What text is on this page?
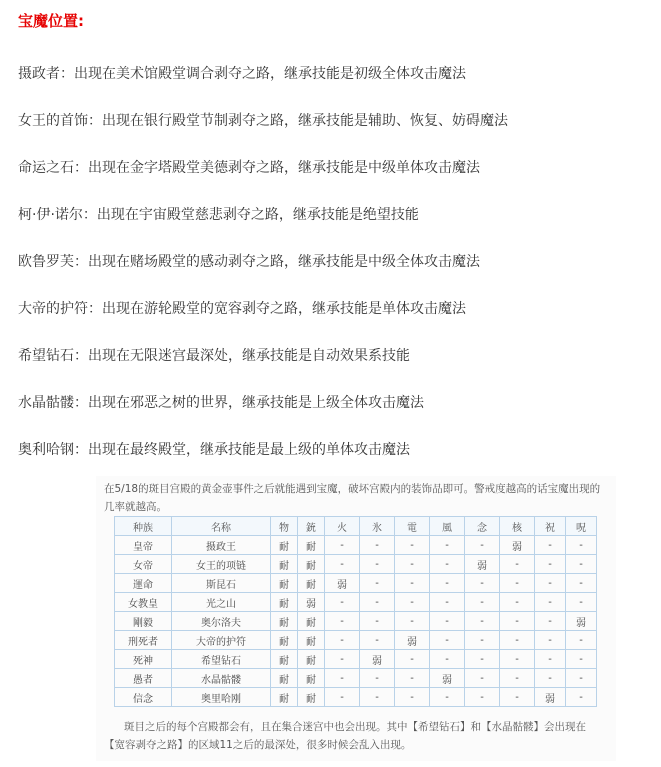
宝魔位置:
摄政者：出现在美术馆殿堂调合剥夺之路，继承技能是初级全体攻击魔法
女王的首饰：出现在银行殿堂节制剥夺之路，继承技能是辅助、恢复、妨碍魔法
命运之石：出现在金字塔殿堂美德剥夺之路，继承技能是中级单体攻击魔法
柯·伊·诺尔：出现在宇宙殿堂慈悲剥夺之路，继承技能是绝望技能
欧鲁罗芙：出现在赌场殿堂的感动剥夺之路，继承技能是中级全体攻击魔法
大帝的护符：出现在游轮殿堂的宽容剥夺之路，继承技能是单体攻击魔法
希望钻石：出现在无限迷宫最深处，继承技能是自动效果系技能
水晶骷髅：出现在邪恶之树的世界，继承技能是上级全体攻击魔法
奥利哈钢：出现在最终殿堂，继承技能是最上级的单体攻击魔法
在5/18的斑目宫殿的黄金壶事件之后就能遇到宝魔，破坏宫殿内的装饰品即可。警戒度越高的话宝魔出现的几率就越高。
种族	名称	物	銃	火	氷	電	風	念	核	祝	呪
皇帝	摄政王	耐	耐	-	-	-	-	-	弱	-	-
女帝	女王的项链	耐	耐	-	-	-	-	弱	-	-	-
運命	斯昆石	耐	耐	弱	-	-	-	-	-	-	-
女教皇	光之山	耐	弱	-	-	-	-	-	-	-	-
剛毅	奥尔洛夫	耐	耐	-	-	-	-	-	-	-	弱
刑死者	大帝的护符	耐	耐	-	-	弱	-	-	-	-	-
死神	希望钻石	耐	耐	-	弱	-	-	-	-	-	-
愚者	水晶骷髅	耐	耐	-	-	-	弱	-	-	-	-
信念	奥里哈刚	耐	耐	-	-	-	-	-	-	弱	-
斑目之后的每个宫殿都会有，且在集合迷宫中也会出现。其中【希望钻石】和【水晶骷髅】会出现在
【宽容剥夺之路】的区域11之后的最深处，很多时候会乱入出现。
